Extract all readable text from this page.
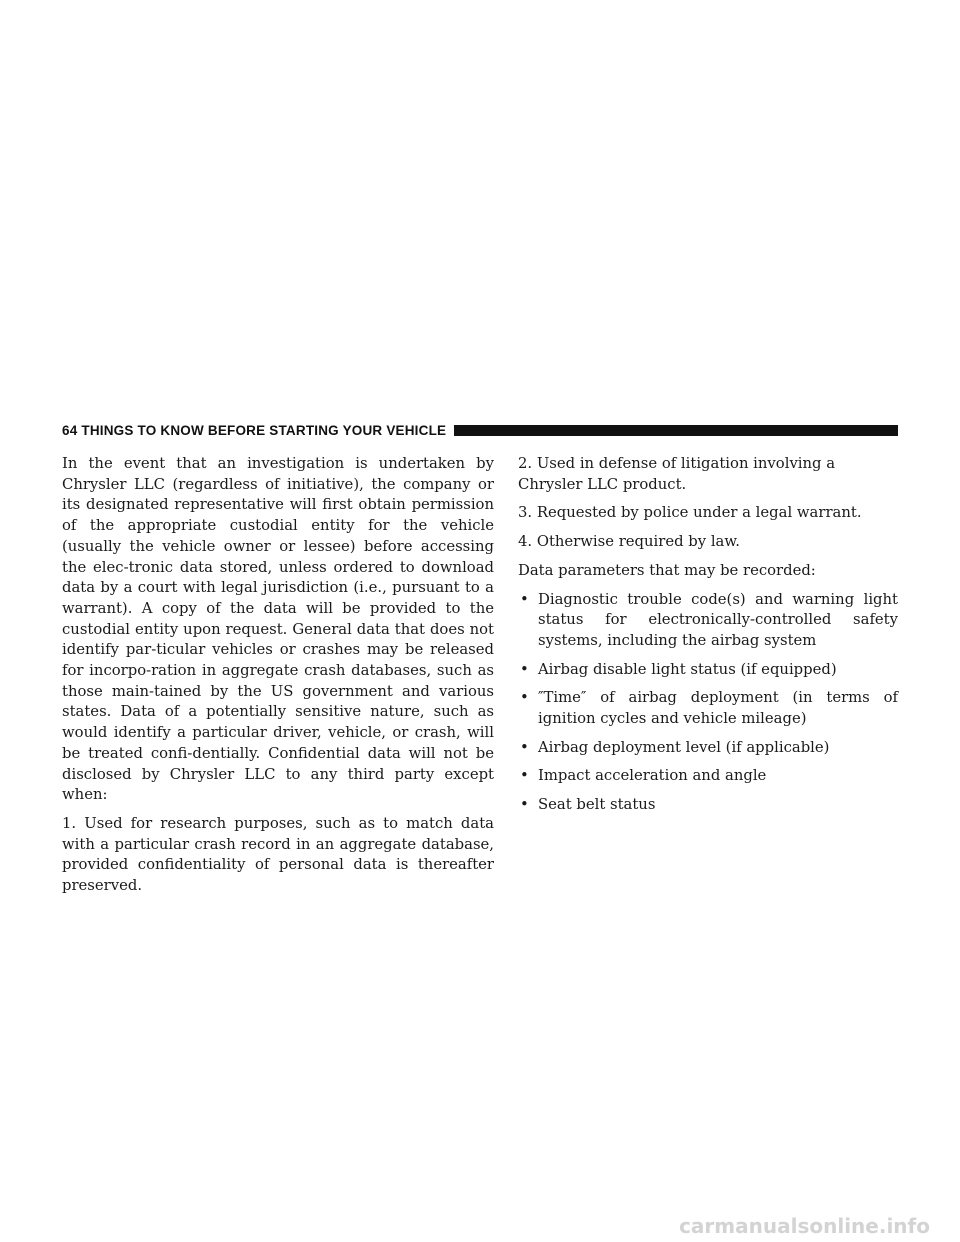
64 THINGS TO KNOW BEFORE STARTING YOUR VEHICLE

In the event that an investigation is undertaken by Chrysler LLC (regardless of initiative), the company or its designated representative will first obtain permission of the appropriate custodial entity for the vehicle (usually the vehicle owner or lessee) before accessing the elec-tronic data stored, unless ordered to download data by a court with legal jurisdiction (i.e., pursuant to a warrant). A copy of the data will be provided to the custodial entity upon request. General data that does not identify par-ticular vehicles or crashes may be released for incorpo-ration in aggregate crash databases, such as those main-tained by the US government and various states. Data of a potentially sensitive nature, such as would identify a particular driver, vehicle, or crash, will be treated confi-dentially. Confidential data will not be disclosed by Chrysler LLC to any third party except when:

1. Used for research purposes, such as to match data with a particular crash record in an aggregate database, provided confidentiality of personal data is thereafter preserved.

2. Used in defense of litigation involving a Chrysler LLC product.

3. Requested by police under a legal warrant.

4. Otherwise required by law.

Data parameters that may be recorded:

• Diagnostic trouble code(s) and warning light status for electronically-controlled safety systems, including the airbag system
• Airbag disable light status (if equipped)
• ″Time″ of airbag deployment (in terms of ignition cycles and vehicle mileage)
• Airbag deployment level (if applicable)
• Impact acceleration and angle
• Seat belt status
carmanualsonline.info
